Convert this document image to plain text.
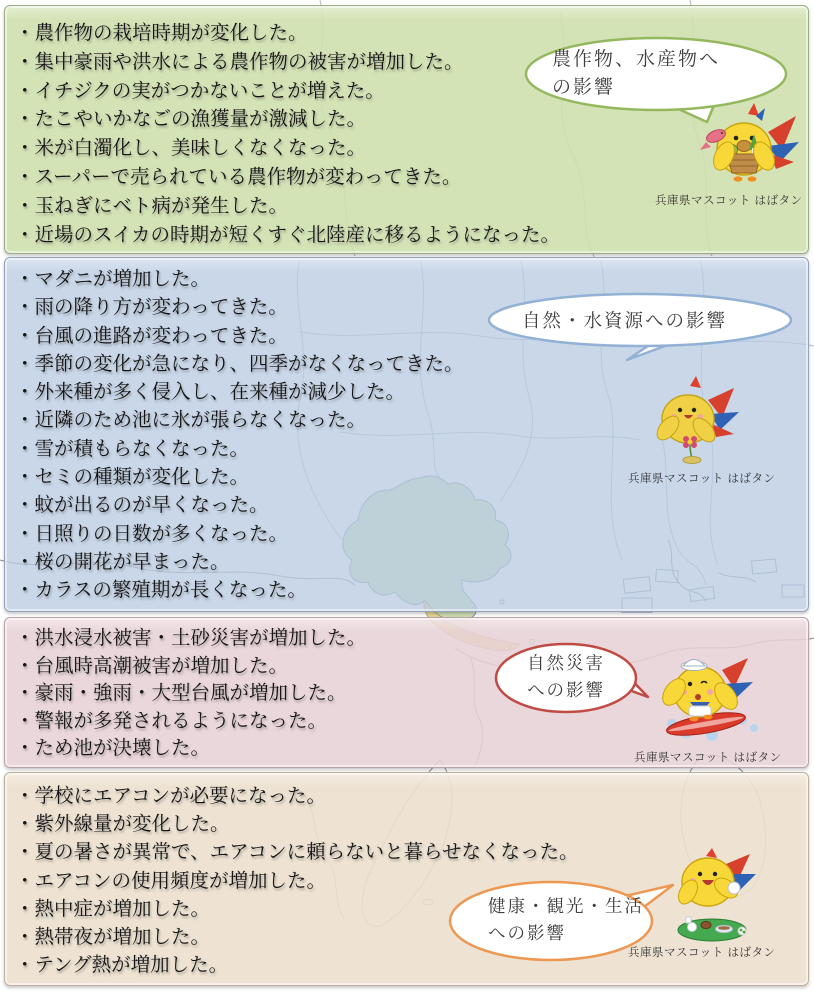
・農作物の栽培時期が変化した。
・集中豪雨や洪水による農作物の被害が増加した。
・イチジクの実がつかないことが増えた。
・たこやいかなごの漁獲量が激減した。
・米が白濁化し、美味しくなくなった。
・スーパーで売られている農作物が変わってきた。
・玉ねぎにベト病が発生した。
・近場のスイカの時期が短くすぐ北陸産に移るようになった。
・マダニが増加した。
・雨の降り方が変わってきた。
・台風の進路が変わってきた。
・季節の変化が急になり、四季がなくなってきた。
・外来種が多く侵入し、在来種が減少した。
・近隣のため池に氷が張らなくなった。
・雪が積もらなくなった。
・セミの種類が変化した。
・蚊が出るのが早くなった。
・日照りの日数が多くなった。
・桜の開花が早まった。
・カラスの繁殖期が長くなった。
・洪水浸水被害・土砂災害が増加した。
・台風時高潮被害が増加した。
・豪雨・強雨・大型台風が増加した。
・警報が多発されるようになった。
・ため池が決壊した。
・学校にエアコンが必要になった。
・紫外線量が変化した。
・夏の暑さが異常で、エアコンに頼らないと暮らせなくなった。
・エアコンの使用頻度が増加した。
・熱中症が増加した。
・熱帯夜が増加した。
・テング熱が増加した。
農作物、水産物へ
の影響
自然・水資源への影響
自然災害
への影響
健康・観光・生活
への影響
兵庫県マスコット はばタン
兵庫県マスコット はばタン
兵庫県マスコット はばタン
兵庫県マスコット はばタン
